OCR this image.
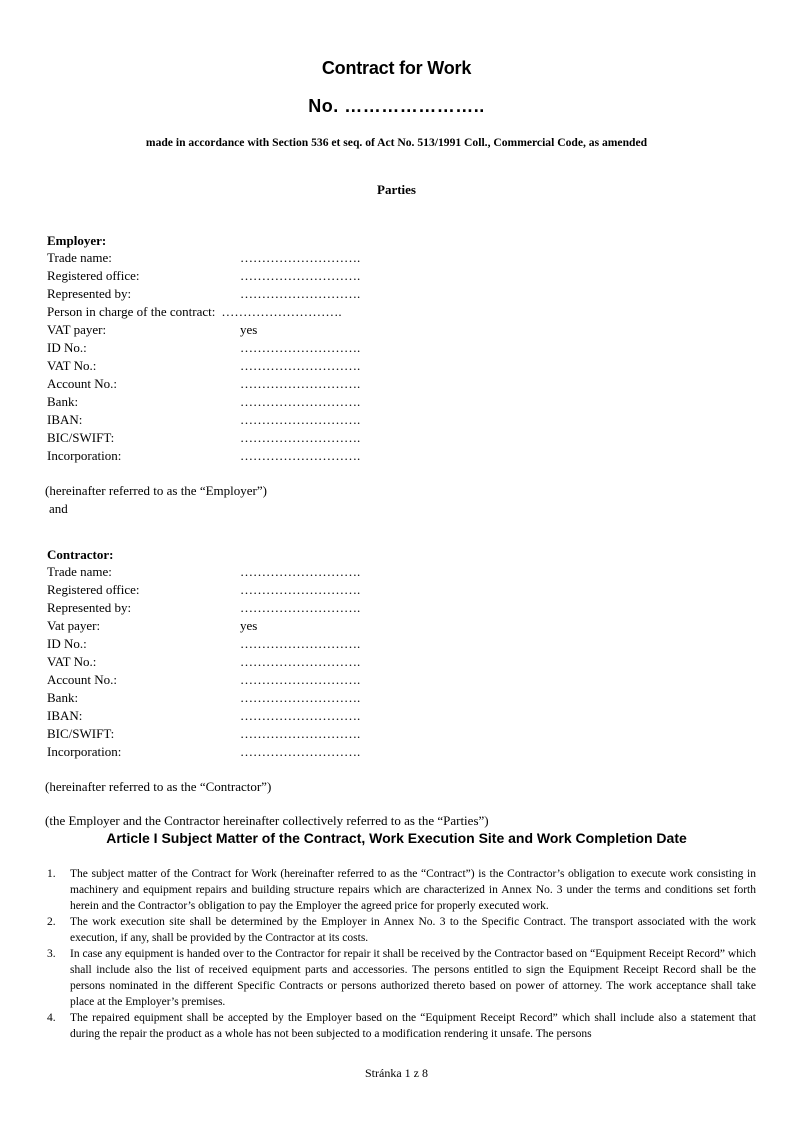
Contract for Work
No. …………………..
made in accordance with Section 536 et seq. of Act No. 513/1991 Coll., Commercial Code, as amended
Parties
Employer:
Trade name:	……………………….
Registered office:	……………………….
Represented by:	……………………….
Person in charge of the contract: ……………………….
VAT payer:	yes
ID No.:	……………………….
VAT No.:	……………………….
Account No.:	……………………….
Bank:	……………………….
IBAN:	……………………….
BIC/SWIFT:	……………………….
Incorporation:	……………………….
(hereinafter referred to as the “Employer”)
and
Contractor:
Trade name:	……………………….
Registered office:	……………………….
Represented by:	……………………….
Vat payer:	yes
ID No.:	……………………….
VAT No.:	……………………….
Account No.:	……………………….
Bank:	……………………….
IBAN:	……………………….
BIC/SWIFT:	……………………….
Incorporation:	……………………….
(hereinafter referred to as the “Contractor”)
(the Employer and the Contractor hereinafter collectively referred to as the “Parties”)
Article I Subject Matter of the Contract, Work Execution Site and Work Completion Date
1. The subject matter of the Contract for Work (hereinafter referred to as the “Contract”) is the Contractor’s obligation to execute work consisting in machinery and equipment repairs and building structure repairs which are characterized in Annex No. 3 under the terms and conditions set forth herein and the Contractor’s obligation to pay the Employer the agreed price for properly executed work.
2. The work execution site shall be determined by the Employer in Annex No. 3 to the Specific Contract. The transport associated with the work execution, if any, shall be provided by the Contractor at its costs.
3. In case any equipment is handed over to the Contractor for repair it shall be received by the Contractor based on “Equipment Receipt Record” which shall include also the list of received equipment parts and accessories. The persons entitled to sign the Equipment Receipt Record shall be the persons nominated in the different Specific Contracts or persons authorized thereto based on power of attorney. The work acceptance shall take place at the Employer’s premises.
4. The repaired equipment shall be accepted by the Employer based on the “Equipment Receipt Record” which shall include also a statement that during the repair the product as a whole has not been subjected to a modification rendering it unsafe. The persons
Stránka 1 z 8
